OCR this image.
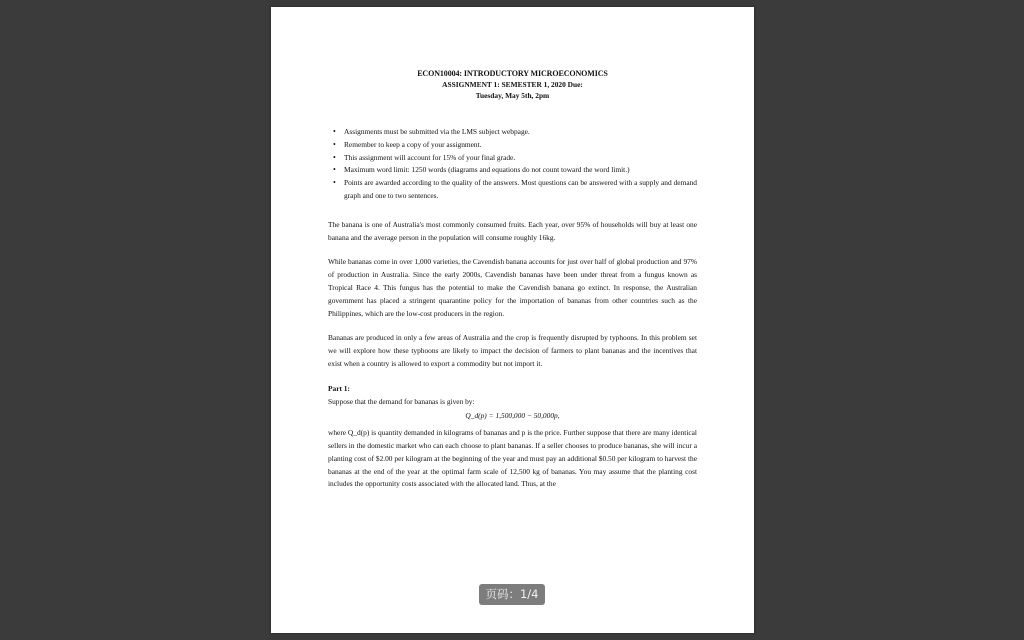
ECON10004: INTRODUCTORY MICROECONOMICS

ASSIGNMENT 1: SEMESTER 1, 2020 Due:

Tuesday, May 5th, 2pm

• Assignments must be submitted via the LMS subject webpage.
• Remember to keep a copy of your assignment.
• This assignment will account for 15% of your final grade.
• Maximum word limit: 1250 words (diagrams and equations do not count toward the word limit.)
• Points are awarded according to the quality of the answers. Most questions can be answered with a supply and demand graph and one to two sentences.

The banana is one of Australia's most commonly consumed fruits. Each year, over 95% of households will buy at least one banana and the average person in the population will consume roughly 16kg.

While bananas come in over 1,000 varieties, the Cavendish banana accounts for just over half of global production and 97% of production in Australia. Since the early 2000s, Cavendish bananas have been under threat from a fungus known as Tropical Race 4. This fungus has the potential to make the Cavendish banana go extinct. In response, the Australian government has placed a stringent quarantine policy for the importation of bananas from other countries such as the Philippines, which are the low-cost producers in the region.

Bananas are produced in only a few areas of Australia and the crop is frequently disrupted by typhoons. In this problem set we will explore how these typhoons are likely to impact the decision of farmers to plant bananas and the incentives that exist when a country is allowed to export a commodity but not import it.

Part 1:

Suppose that the demand for bananas is given by:

Q_d(p) = 1,500,000 − 50,000p,

where Q_d(p) is quantity demanded in kilograms of bananas and p is the price. Further suppose that there are many identical sellers in the domestic market who can each choose to plant bananas. If a seller chooses to produce bananas, she will incur a planting cost of $2.00 per kilogram at the beginning of the year and must pay an additional $0.50 per kilogram to harvest the bananas at the end of the year at the optimal farm scale of 12,500 kg of bananas. You may assume that the planting cost includes the opportunity costs associated with the allocated land. Thus, at the

页码：1/4
